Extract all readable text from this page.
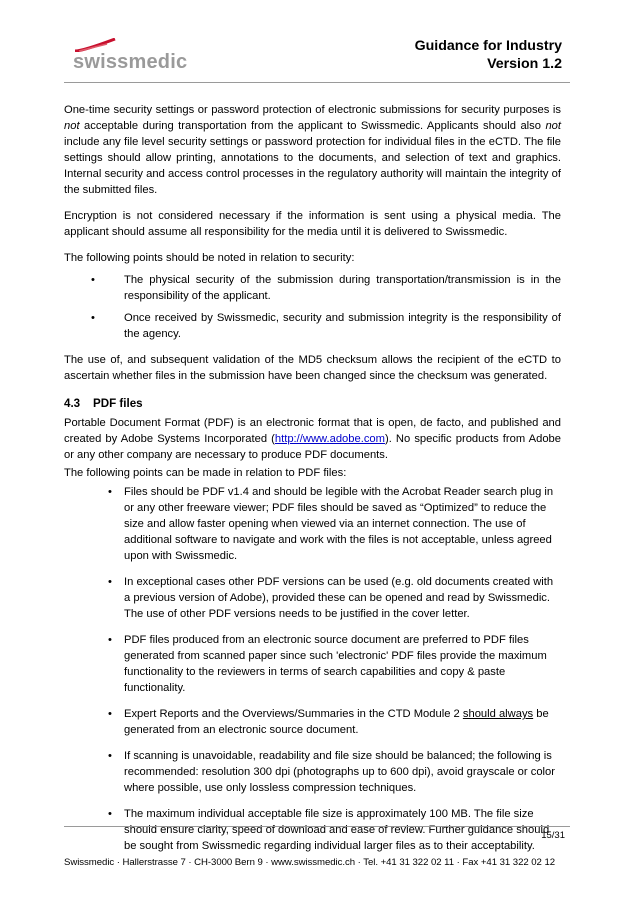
swissmedic
Guidance for Industry
Version 1.2

One-time security settings or password protection of electronic submissions for security purposes is not acceptable during transportation from the applicant to Swissmedic. Applicants should also not include any file level security settings or password protection for individual files in the eCTD. The file settings should allow printing, annotations to the documents, and selection of text and graphics. Internal security and access control processes in the regulatory authority will maintain the integrity of the submitted files.

Encryption is not considered necessary if the information is sent using a physical media. The applicant should assume all responsibility for the media until it is delivered to Swissmedic.

The following points should be noted in relation to security:

•	The physical security of the submission during transportation/transmission is in the responsibility of the applicant.
•	Once received by Swissmedic, security and submission integrity is the responsibility of the agency.

The use of, and subsequent validation of the MD5 checksum allows the recipient of the eCTD to ascertain whether files in the submission have been changed since the checksum was generated.

4.3 PDF files

Portable Document Format (PDF) is an electronic format that is open, de facto, and published and created by Adobe Systems Incorporated (http://www.adobe.com). No specific products from Adobe or any other company are necessary to produce PDF documents.

The following points can be made in relation to PDF files:

•	Files should be PDF v1.4 and should be legible with the Acrobat Reader search plug in or any other freeware viewer; PDF files should be saved as “Optimized” to reduce the size and allow faster opening when viewed via an internet connection. The use of additional software to navigate and work with the files is not acceptable, unless agreed upon with Swissmedic.
•	In exceptional cases other PDF versions can be used (e.g. old documents created with a previous version of Adobe), provided these can be opened and read by Swissmedic. The use of other PDF versions needs to be justified in the cover letter.
•	PDF files produced from an electronic source document are preferred to PDF files generated from scanned paper since such 'electronic' PDF files provide the maximum functionality to the reviewers in terms of search capabilities and copy & paste functionality.
•	Expert Reports and the Overviews/Summaries in the CTD Module 2 should always be generated from an electronic source document.
•	If scanning is unavoidable, readability and file size should be balanced; the following is recommended: resolution 300 dpi (photographs up to 600 dpi), avoid grayscale or color where possible, use only lossless compression techniques.
•	The maximum individual acceptable file size is approximately 100 MB. The file size should ensure clarity, speed of download and ease of review. Further guidance should be sought from Swissmedic regarding individual larger files as to their acceptability.
15/31
Swissmedic · Hallerstrasse 7 · CH-3000 Bern 9 · www.swissmedic.ch · Tel. +41 31 322 02 11 · Fax +41 31 322 02 12
